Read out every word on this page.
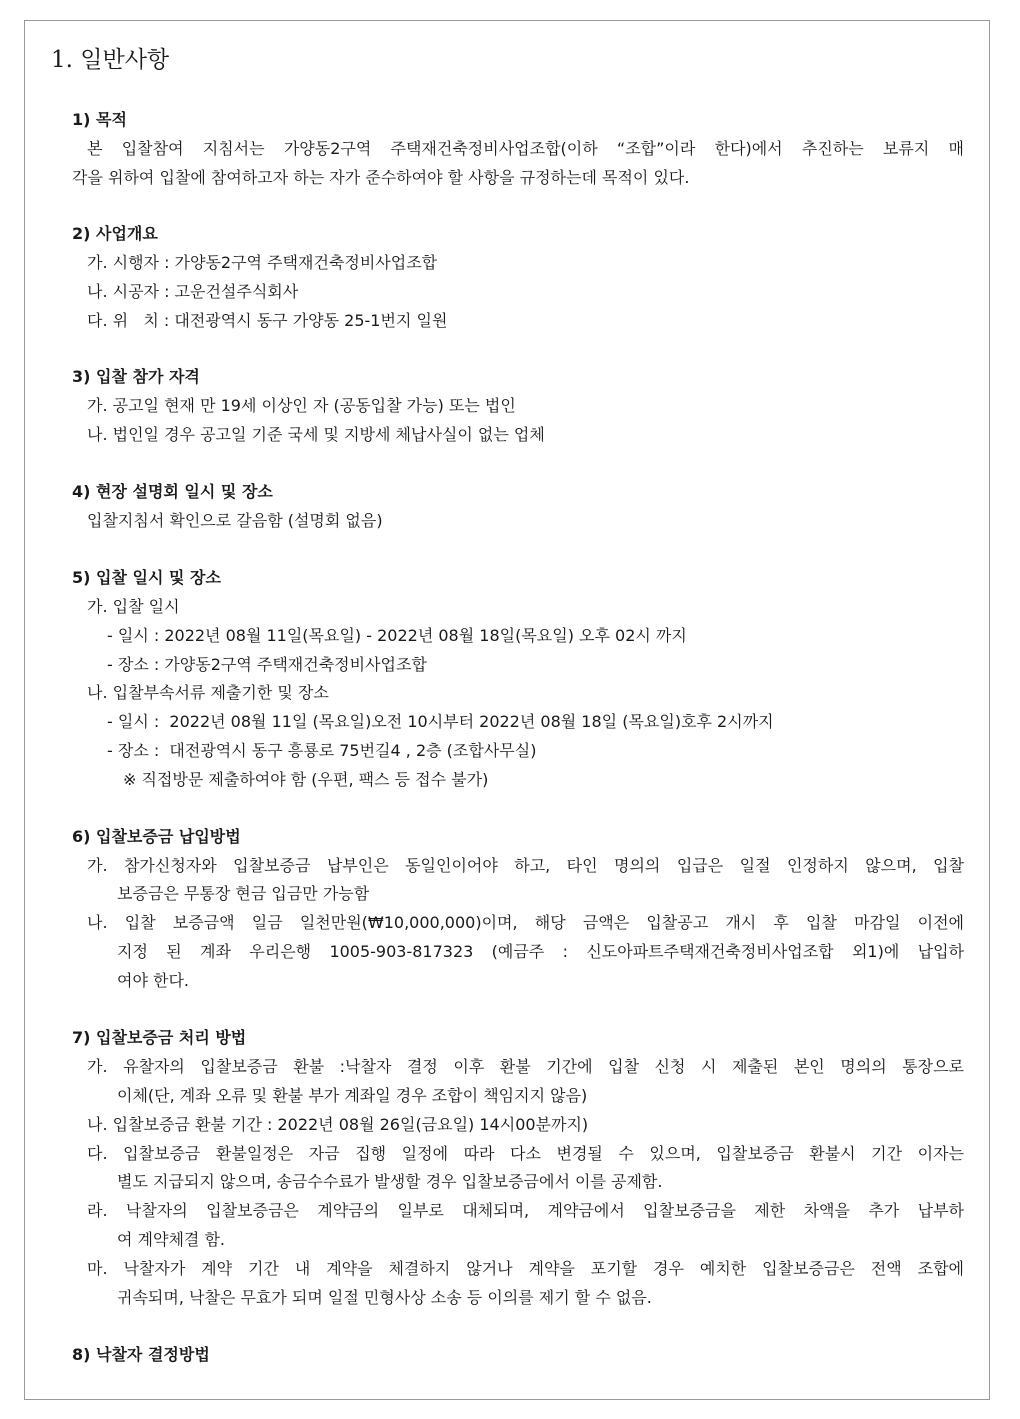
1. 일반사항
1) 목적
본 입찰참여 지침서는 가양동2구역 주택재건축정비사업조합(이하 “조합”이라 한다)에서 추진하는 보류지 매
각을 위하여 입찰에 참여하고자 하는 자가 준수하여야 할 사항을 규정하는데 목적이 있다.
2) 사업개요
가. 시행자 : 가양동2구역 주택재건축정비사업조합
나. 시공자 : 고운건설주식회사
다. 위   치 : 대전광역시 동구 가양동 25-1번지 일원
3) 입찰 참가 자격
가. 공고일 현재 만 19세 이상인 자 (공동입찰 가능) 또는 법인
나. 법인일 경우 공고일 기준 국세 및 지방세 체납사실이 없는 업체
4) 현장 설명회 일시 및 장소
입찰지침서 확인으로 갈음함 (설명회 없음)
5) 입찰 일시 및 장소
가. 입찰 일시
- 일시 : 2022년 08월 11일(목요일) - 2022년 08월 18일(목요일) 오후 02시 까지
- 장소 : 가양동2구역 주택재건축정비사업조합
나. 입찰부속서류 제출기한 및 장소
- 일시 :  2022년 08월 11일 (목요일)오전 10시부터 2022년 08월 18일 (목요일)호후 2시까지
- 장소 :  대전광역시 동구 흥룡로 75번길4 , 2층 (조합사무실)
※ 직접방문 제출하여야 함 (우편, 팩스 등 접수 불가)
6) 입찰보증금 납입방법
가. 참가신청자와 입찰보증금 납부인은 동일인이어야 하고, 타인 명의의 입급은 일절 인정하지 않으며, 입찰
보증금은 무통장 현금 입금만 가능함
나. 입찰 보증금액 일금 일천만원(₩10,000,000)이며, 해당 금액은 입찰공고 개시 후 입찰 마감일 이전에
지정 된 계좌 우리은행 1005-903-817323 (예금주 : 신도아파트주택재건축정비사업조합 외1)에 납입하
여야 한다.
7) 입찰보증금 처리 방법
가. 유찰자의 입찰보증금 환불 :낙찰자 결정 이후 환불 기간에 입찰 신청 시 제출된 본인 명의의 통장으로
이체(단, 계좌 오류 및 환불 부가 계좌일 경우 조합이 책임지지 않음)
나. 입찰보증금 환불 기간 : 2022년 08월 26일(금요일) 14시00분까지)
다. 입찰보증금 환불일정은 자금 집행 일정에 따라 다소 변경될 수 있으며, 입찰보증금 환불시 기간 이자는
별도 지급되지 않으며, 송금수수료가 발생할 경우 입찰보증금에서 이를 공제함.
라. 낙찰자의 입찰보증금은 계약금의 일부로 대체되며, 계약금에서 입찰보증금을 제한 차액을 추가 납부하
여 계약체결 함.
마. 낙찰자가 계약 기간 내 계약을 체결하지 않거나 계약을 포기할 경우 예치한 입찰보증금은 전액 조합에
귀속되며, 낙찰은 무효가 되며 일절 민형사상 소송 등 이의를 제기 할 수 없음.
8) 낙찰자 결정방법
